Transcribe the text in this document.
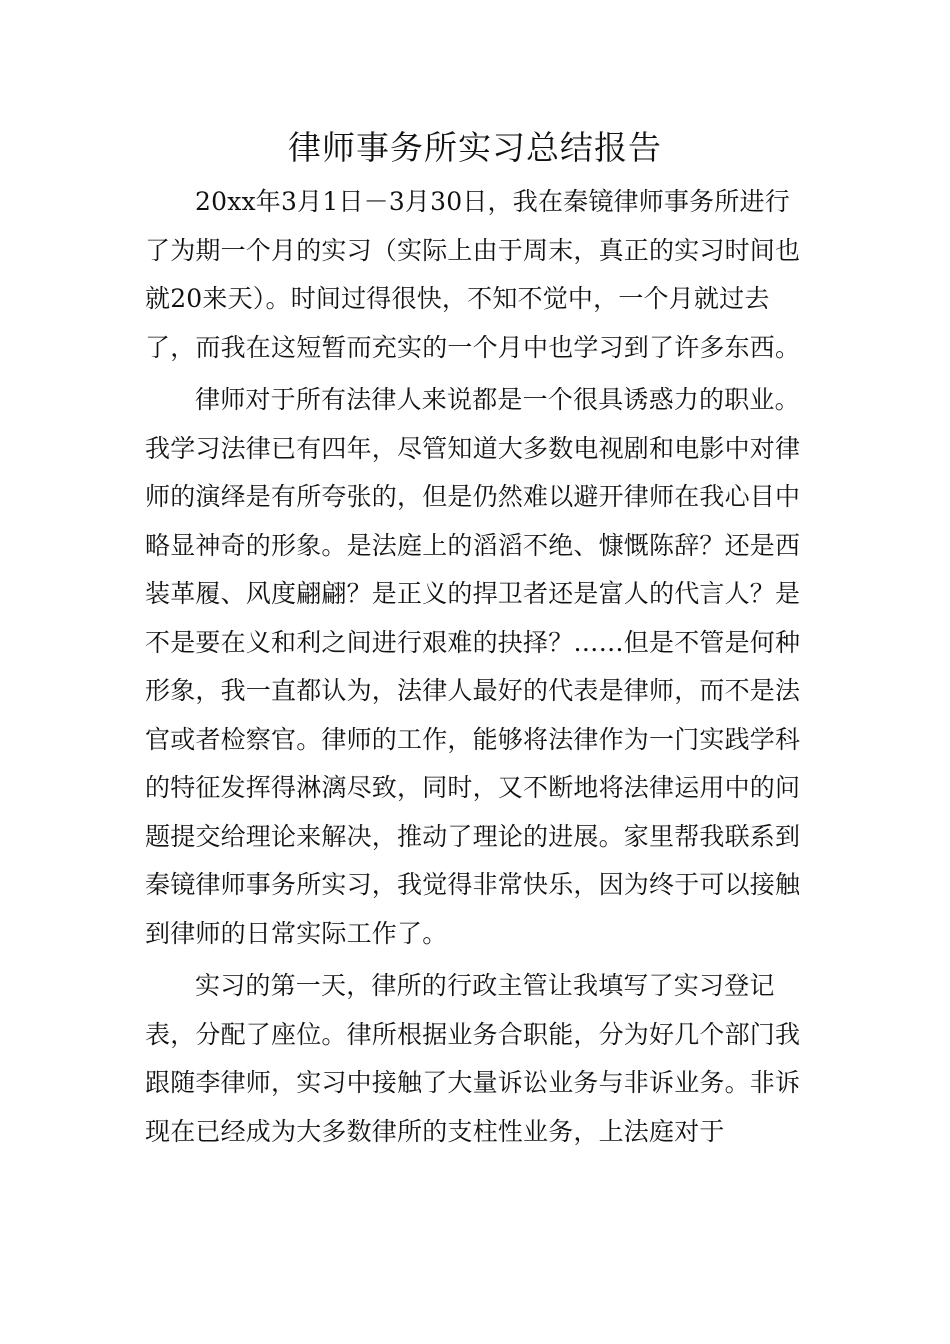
律师事务所实习总结报告

20xx年3月1日－3月30日，我在秦镜律师事务所进行了为期一个月的实习（实际上由于周末，真正的实习时间也就20来天）。时间过得很快，不知不觉中，一个月就过去了，而我在这短暂而充实的一个月中也学习到了许多东西。

律师对于所有法律人来说都是一个很具诱惑力的职业。我学习法律已有四年，尽管知道大多数电视剧和电影中对律师的演绎是有所夸张的，但是仍然难以避开律师在我心目中略显神奇的形象。是法庭上的滔滔不绝、慷慨陈辞？还是西装革履、风度翩翩？是正义的捍卫者还是富人的代言人？是不是要在义和利之间进行艰难的抉择？……但是不管是何种形象，我一直都认为，法律人最好的代表是律师，而不是法官或者检察官。律师的工作，能够将法律作为一门实践学科的特征发挥得淋漓尽致，同时，又不断地将法律运用中的问题提交给理论来解决，推动了理论的进展。家里帮我联系到秦镜律师事务所实习，我觉得非常快乐，因为终于可以接触到律师的日常实际工作了。

实习的第一天，律所的行政主管让我填写了实习登记表，分配了座位。律所根据业务合职能，分为好几个部门我跟随李律师，实习中接触了大量诉讼业务与非诉业务。非诉现在已经成为大多数律所的支柱性业务，上法庭对于
